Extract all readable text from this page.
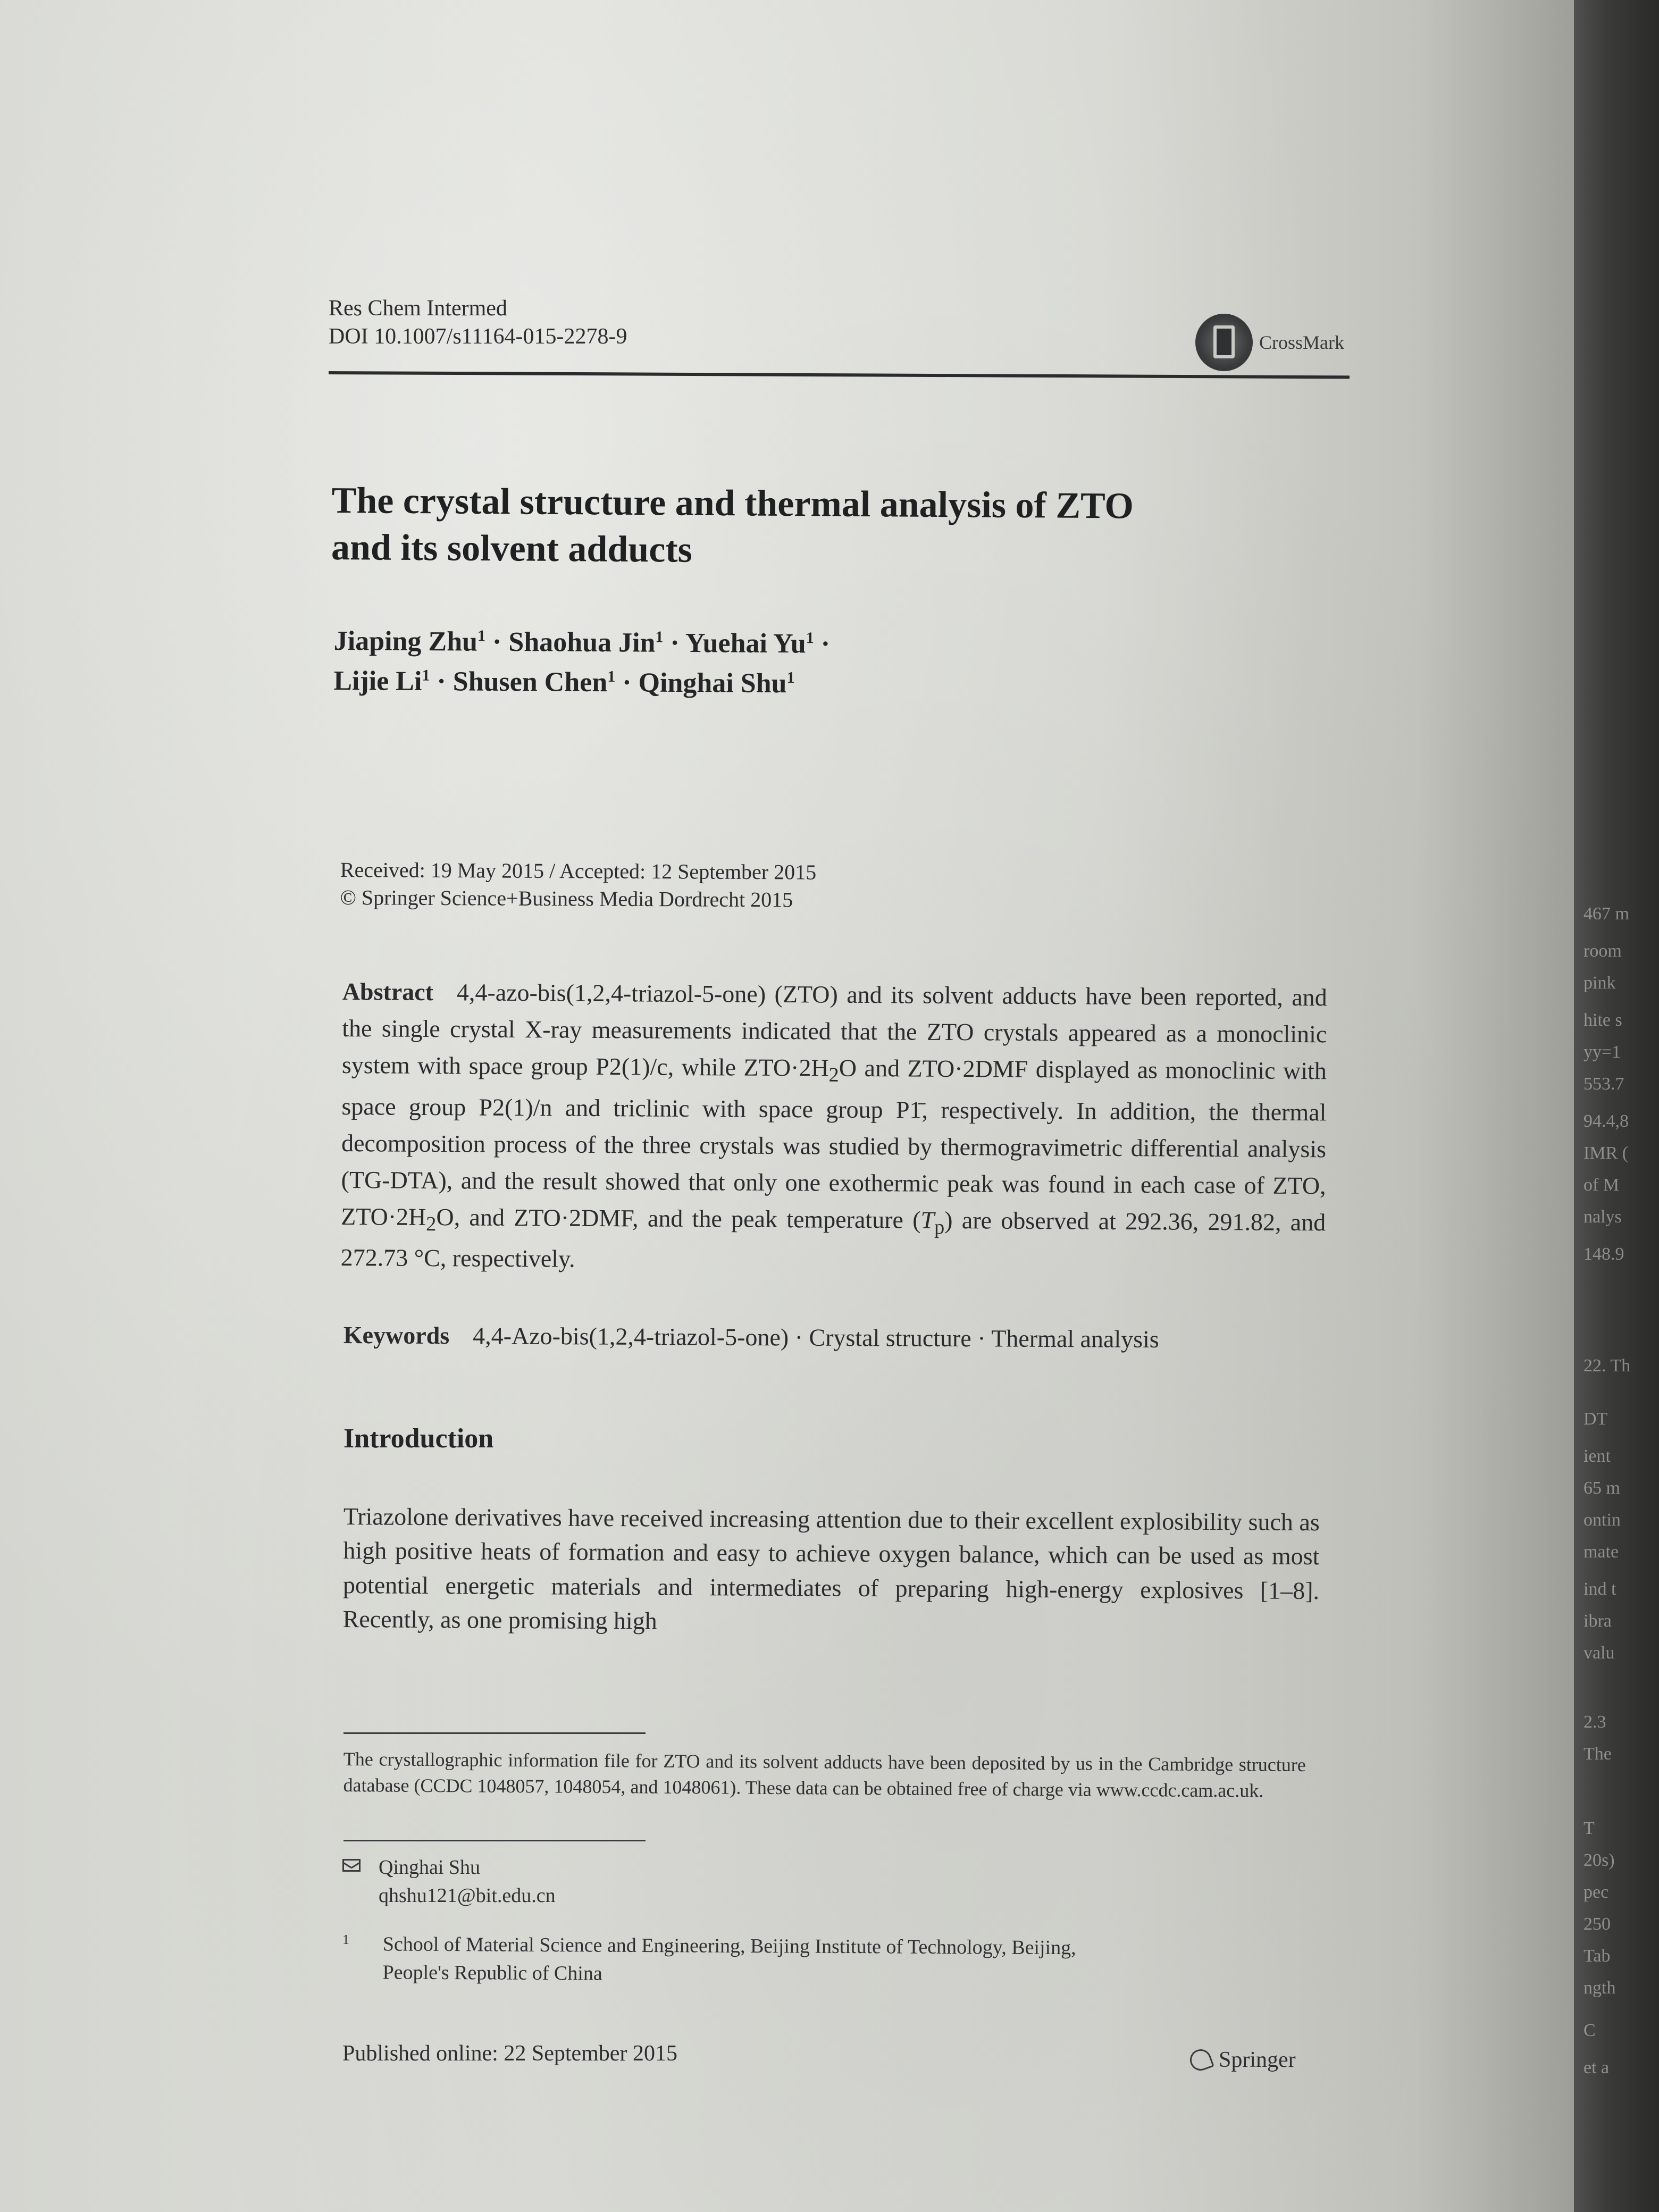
Res Chem Intermed
DOI 10.1007/s11164-015-2278-9	CrossMark
The crystal structure and thermal analysis of ZTO
and its solvent adducts
Jiaping Zhu$^1$ · Shaohua Jin$^1$ · Yuehai $Yu^1$ ·
Lijie $Li^1$ · Shusen Chen$^1$ · Qinghai Shu$^1$
Received: 19 May 2015 / Accepted: 12 September 2015
© Springer Science+Business Media Dordrecht 2015
Abstract 4,4-azo-bis(1,2,4-triazol-5-one) (ZTO) and its solvent adducts have been reported, and the single crystal X-ray measurements indicated that the ZTO crystals appeared as a monoclinic system with space group P2(1)/c, while $ZTO\cdot 2H_2O$ and ZTO·2DMF displayed as monoclinic with space group P2(1)/n and triclinic with space group P1̄, respectively. In addition, the thermal decomposition process of the three crystals was studied by thermogravimetric differential analysis (TG-DTA), and the result showed that only one exothermic peak was found in each case of ZTO, $ZTO\cdot 2H_2O$, and ZTO·2DMF, and the peak temperature $(T_p)$ are observed at 292.36, 291.82, and 272.73 °C, respectively.
Keywords 4,4-Azo-bis(1,2,4-triazol-5-one) · Crystal structure · Thermal analysis
Introduction
Triazolone derivatives have received increasing attention due to their excellent explosibility such as high positive heats of formation and easy to achieve oxygen balance, which can be used as most potential energetic materials and intermediates of preparing high-energy explosives [1–8]. Recently, as one promising high
The crystallographic information file for ZTO and its solvent adducts have been deposited by us in the Cambridge structure database (CCDC 1048057, 1048054, and 1048061). These data can be obtained free of charge via www.ccdc.cam.ac.uk.
Qinghai Shu
qhshu121@bit.edu.cn
1	School of Material Science and Engineering, Beijing Institute of Technology, Beijing,
People's Republic of China
Published online: 22 September 2015	Springer
467 m
room
pink
hite s
yy=1
553.7
94.4,8
IMR (
of M
nalys
148.9
22. Th
DT
ient
65 m
ontin
mate
ind t
ibra
valu
2.3
The
T
20s)
pec
250
Tab
ngth
C
et a
